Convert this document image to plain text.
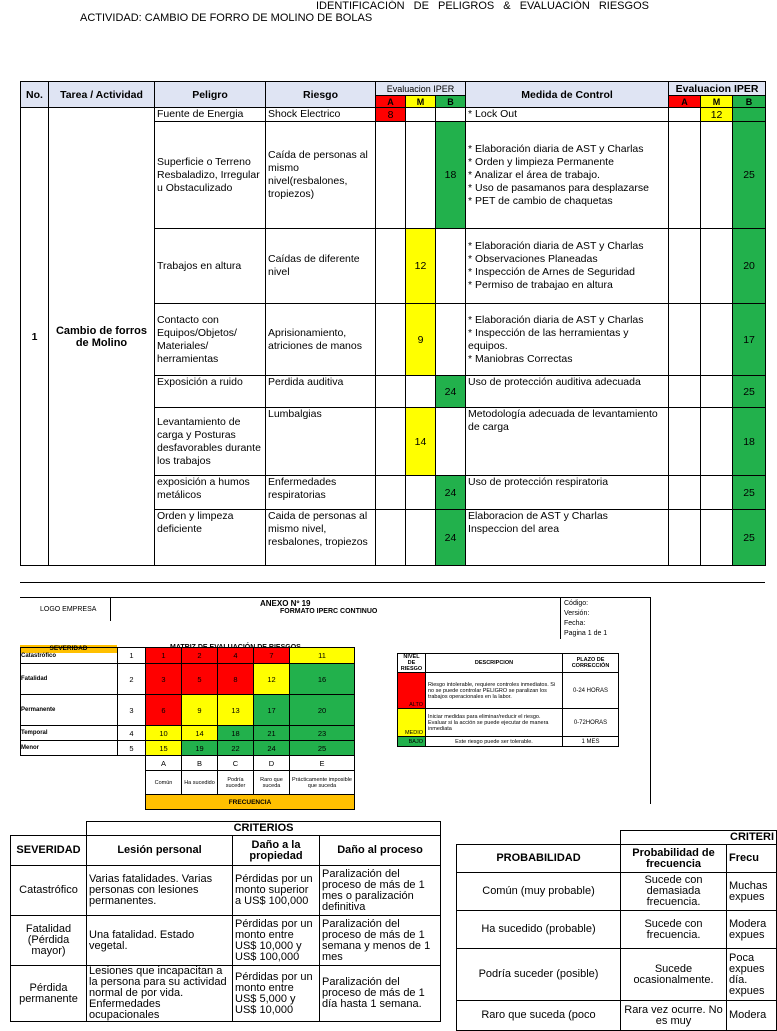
IDENTIFICACIÓN DE PELIGROS & EVALUACIÓN RIESGOS
ACTIVIDAD: CAMBIO DE FORRO DE MOLINO DE BOLAS
No.	Tarea / Actividad	Peligro	Riesgo	Evaluacion IPER			Medida de Control	Evaluacion IPER		
				A	M	B		A	M	B
1	Cambio de forros de Molino	Fuente de Energia	Shock Electrico	8			* Lock Out		12	
		Superficie o Terreno Resbaladizo, Irregular u Obstaculizado	Caída de personas al mismo nivel(resbalones, tropiezos)			18	* Elaboración diaria de AST y Charlas
* Orden y limpieza Permanente
* Analizar el área de trabajo.
* Uso de pasamanos para desplazarse
* PET de cambio de chaquetas			25
		Trabajos en altura	Caídas de diferente nivel		12		* Elaboración diaria de AST y Charlas
* Observaciones Planeadas
* Inspección de Arnes de Seguridad
* Permiso de trabajao en altura			20
		Contacto con Equipos/Objetos/ Materiales/ herramientas	Aprisionamiento, atriciones de manos		9		* Elaboración diaria de AST y Charlas
* Inspección de las herramientas y equipos.
* Maniobras Correctas			17
		Exposición a ruido	Perdida auditiva			24	Uso de protección auditiva adecuada			25
		Levantamiento de carga y Posturas desfavorables durante los trabajos	Lumbalgias		14		Metodología adecuada de levantamiento de carga			18
		exposición a humos metálicos	Enfermedades respiratorias			24	Uso de protección respiratoria			25
		Orden y limpeza deficiente	Caida de personas al mismo nivel, resbalones, tropiezos			24	Elaboracion de AST y Charlas
Inspeccion del area			25
LOGO EMPRESA
ANEXO Nº 19
FORMATO IPERC CONTINUO
Código:
Versión:
Fecha:
Pagina 1 de 1
SEVERIDAD
Catastrófico	1	1	2	4	7	11
Fatalidad	2	3	5	8	12	16
Permanente	3	6	9	13	17	20
Temporal	4	10	14	18	21	23
Menor	5	15	19	22	24	25
		A	B	C	D	E
		Común	Ha sucedido	Podría suceder	Raro que suceda	Prácticamente imposible que suceda
		FRECUENCIA				
NIVEL DE RIESGO	DESCRIPCION	PLAZO DE CORRECCIÓN
ALTO	Riesgo intolerable, requiere controles inmediatos. Si no se puede controlar PELIGRO se paralizan los trabajos operacionales en la labor.	0-24 HORAS
MEDIO	Iniciar medidas para eliminar/reducir el riesgo. Evaluar si la acción se puede ejecutar de manera inmediata	0-72HORAS
BAJO	Este riesgo puede ser tolerable.	1 MES
	CRITERIOS		
SEVERIDAD	Lesión personal	Daño a la propiedad	Daño al proceso
Catastrófico	Varias fatalidades. Varias personas con lesiones permanentes.	Pérdidas por un monto superior a US$ 100,000	Paralización del proceso de más de 1 mes o paralización definitiva
Fatalidad (Pérdida mayor)	Una fatalidad. Estado vegetal.	Pérdidas por un monto entre US$ 10,000 y US$ 100,000	Paralización del proceso de más de 1 semana y menos de 1 mes
Pérdida permanente	Lesiones que incapacitan a la persona para su actividad normal de por vida. Enfermedades ocupacionales	Pérdidas por un monto entre US$ 5,000 y US$ 10,000	Paralización del proceso de más de 1 día hasta 1 semana.
	CRITERI	
PROBABILIDAD	Probabilidad de frecuencia	Frecu
Común (muy probable)	Sucede con demasiada frecuencia.	Muchas expues
Ha sucedido (probable)	Sucede con frecuencia.	Modera expues
Podría suceder (posible)	Sucede ocasionalmente.	Poca expues día. expues
Raro que suceda (poco	Rara vez ocurre. No es muy	Modera
